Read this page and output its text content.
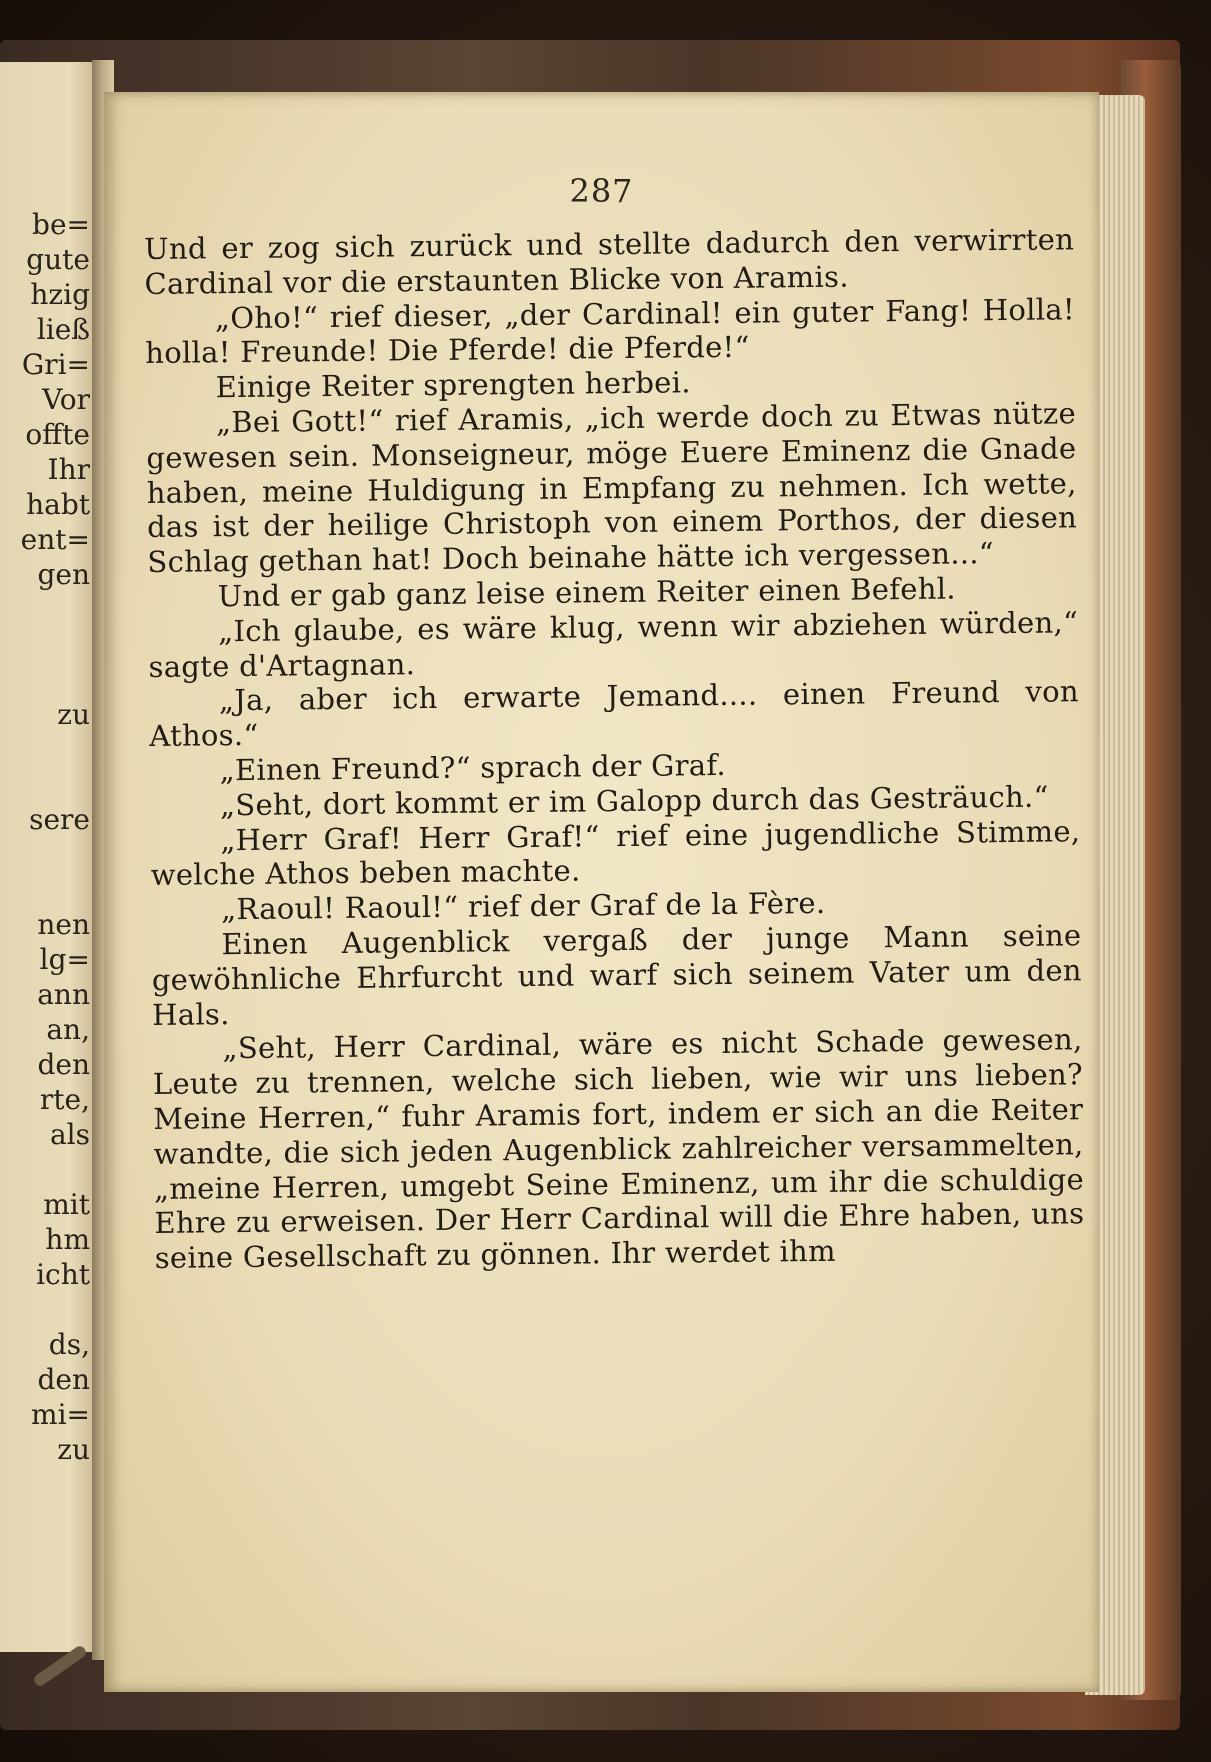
be=
gute
hzig
ließ
Gri=
Vor
offte
Ihr
habt
ent=
gen
zu
sere
nen
lg=
ann
an,
den
rte,
als
mit
hm
icht
ds,
den
mi=
zu
287

Und er zog sich zurück und stellte dadurch den verwirrten Cardinal vor die erstaunten Blicke von Aramis.

„Oho!“ rief dieser, „der Cardinal! ein guter Fang! Holla! holla! Freunde! Die Pferde! die Pferde!“

Einige Reiter sprengten herbei.

„Bei Gott!“ rief Aramis, „ich werde doch zu Etwas nütze gewesen sein. Monseigneur, möge Euere Eminenz die Gnade haben, meine Huldigung in Empfang zu nehmen. Ich wette, das ist der heilige Christoph von einem Porthos, der diesen Schlag gethan hat! Doch beinahe hätte ich vergessen...“

Und er gab ganz leise einem Reiter einen Befehl.

„Ich glaube, es wäre klug, wenn wir abziehen würden,“ sagte d'Artagnan.

„Ja, aber ich erwarte Jemand.... einen Freund von Athos.“

„Einen Freund?“ sprach der Graf.

„Seht, dort kommt er im Galopp durch das Gesträuch.“

„Herr Graf! Herr Graf!“ rief eine jugendliche Stimme, welche Athos beben machte.

„Raoul! Raoul!“ rief der Graf de la Fère.

Einen Augenblick vergaß der junge Mann seine gewöhnliche Ehrfurcht und warf sich seinem Vater um den Hals.

„Seht, Herr Cardinal, wäre es nicht Schade gewesen, Leute zu trennen, welche sich lieben, wie wir uns lieben? Meine Herren,“ fuhr Aramis fort, indem er sich an die Reiter wandte, die sich jeden Augenblick zahlreicher versammelten, „meine Herren, umgebt Seine Eminenz, um ihr die schuldige Ehre zu erweisen. Der Herr Cardinal will die Ehre haben, uns seine Gesellschaft zu gönnen. Ihr werdet ihm
